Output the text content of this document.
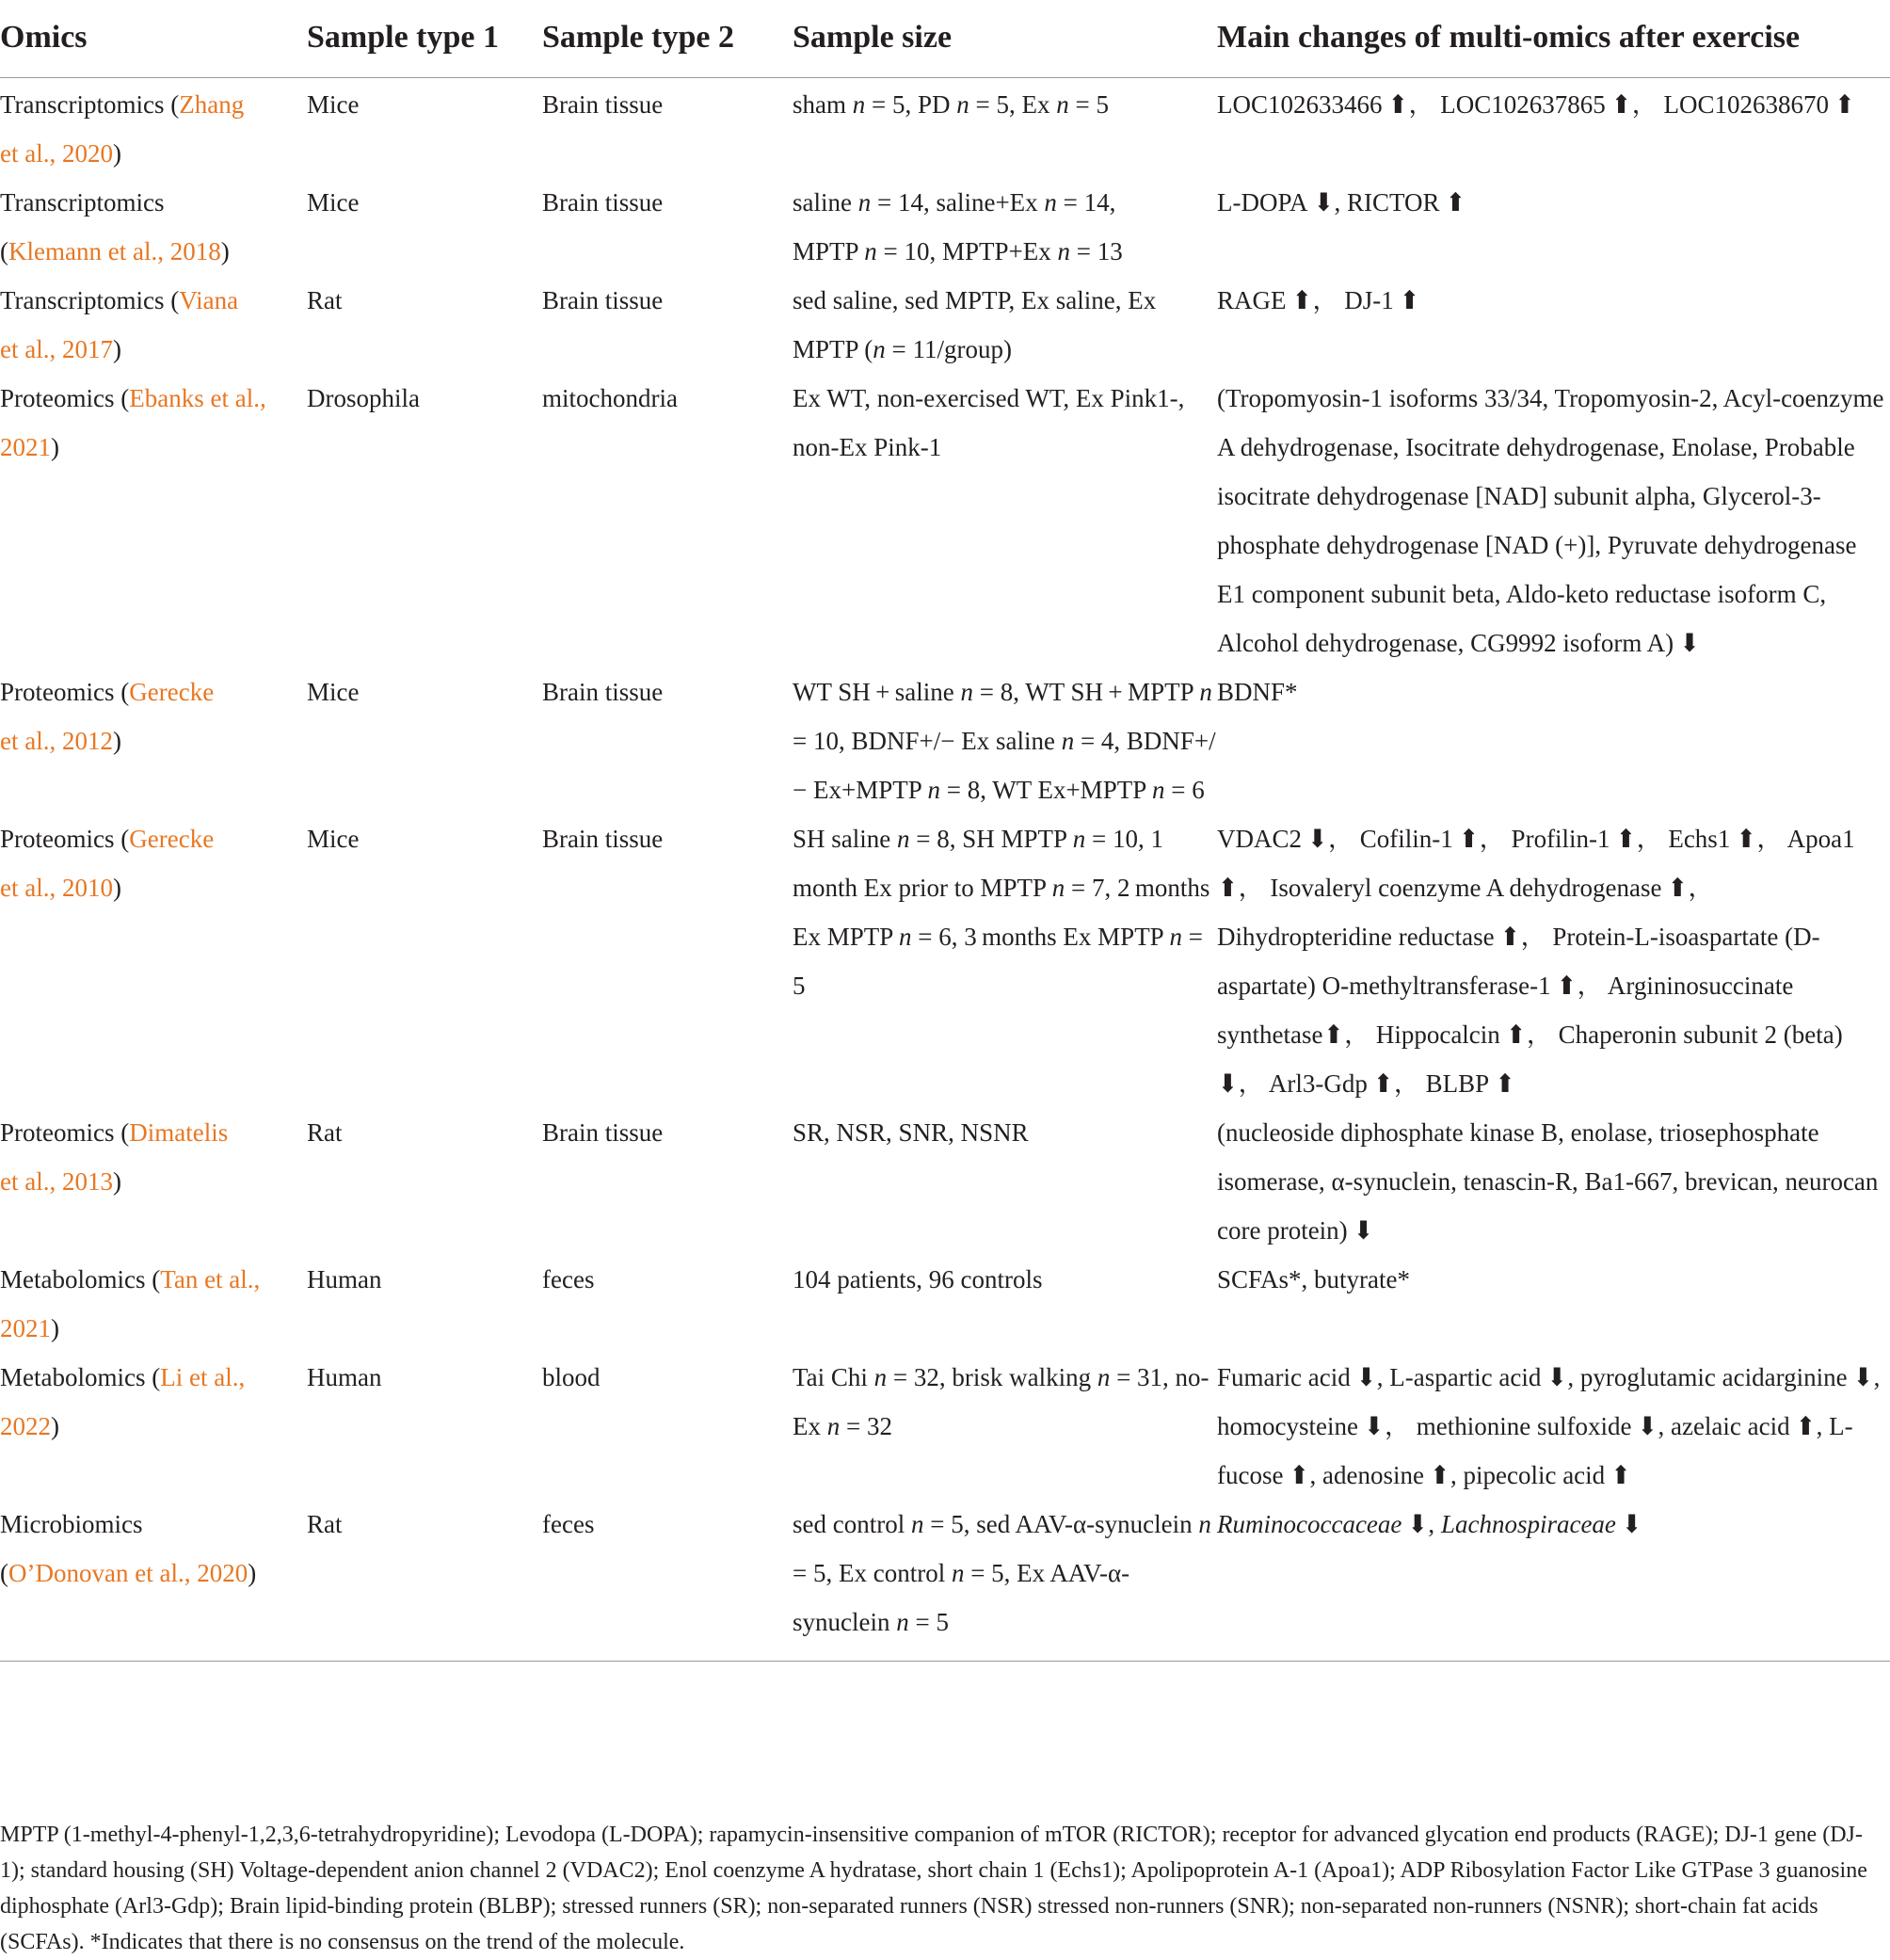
Omics	Sample type 1	Sample type 2	Sample size	Main changes of multi-omics after exercise
Transcriptomics (Zhang
et al., 2020)	Mice	Brain tissue	sham n = 5, PD n = 5, Ex n = 5	LOC102633466 ⬆， LOC102637865 ⬆， LOC102638670 ⬆
Transcriptomics
(Klemann et al., 2018)	Mice	Brain tissue	saline n = 14, saline+Ex n = 14,
MPTP n = 10, MPTP+Ex n = 13	L-DOPA ⬇, RICTOR ⬆
Transcriptomics (Viana
et al., 2017)	Rat	Brain tissue	sed saline, sed MPTP, Ex saline, Ex MPTP (n = 11/group)	RAGE ⬆， DJ-1 ⬆
Proteomics (Ebanks et al.,
2021)	Drosophila	mitochondria	Ex WT, non-exercised WT, Ex Pink1-, non-Ex Pink-1	(Tropomyosin-1 isoforms 33/34, Tropomyosin-2, Acyl-coenzyme A dehydrogenase, Isocitrate dehydrogenase, Enolase, Probable isocitrate dehydrogenase [NAD] subunit alpha, Glycerol-3-phosphate dehydrogenase [NAD (+)], Pyruvate dehydrogenase E1 component subunit beta, Aldo-keto reductase isoform C, Alcohol dehydrogenase, CG9992 isoform A) ⬇
Proteomics (Gerecke
et al., 2012)	Mice	Brain tissue	WT SH + saline n = 8, WT SH + MPTP n = 10, BDNF+/− Ex saline n = 4, BDNF+/− Ex+MPTP n = 8, WT Ex+MPTP n = 6	BDNF*
Proteomics (Gerecke
et al., 2010)	Mice	Brain tissue	SH saline n = 8, SH MPTP n = 10, 1 month Ex prior to MPTP n = 7, 2 months Ex MPTP n = 6, 3 months Ex MPTP n = 5	VDAC2 ⬇， Cofilin-1 ⬆， Profilin-1 ⬆， Echs1 ⬆， Apoa1 ⬆， Isovaleryl coenzyme A dehydrogenase ⬆， Dihydropteridine reductase ⬆， Protein-L-isoaspartate (D-aspartate) O-methyltransferase-1 ⬆， Argininosuccinate synthetase⬆， Hippocalcin ⬆， Chaperonin subunit 2 (beta) ⬇， Arl3-Gdp ⬆， BLBP ⬆
Proteomics (Dimatelis
et al., 2013)	Rat	Brain tissue	SR, NSR, SNR, NSNR	(nucleoside diphosphate kinase B, enolase, triosephosphate isomerase, α-synuclein, tenascin-R, Ba1-667, brevican, neurocan core protein) ⬇
Metabolomics (Tan et al.,
2021)	Human	feces	104 patients, 96 controls	SCFAs*, butyrate*
Metabolomics (Li et al.,
2022)	Human	blood	Tai Chi n = 32, brisk walking n = 31, no-Ex n = 32	Fumaric acid ⬇, L-aspartic acid ⬇, pyroglutamic acidarginine ⬇, homocysteine ⬇， methionine sulfoxide ⬇, azelaic acid ⬆, L-fucose ⬆, adenosine ⬆, pipecolic acid ⬆
Microbiomics
(O’Donovan et al., 2020)	Rat	feces	sed control n = 5, sed AAV-α-synuclein n = 5, Ex control n = 5, Ex AAV-α-synuclein n = 5	Ruminococcaceae ⬇, Lachnospiraceae ⬇

MPTP (1-methyl-4-phenyl-1,2,3,6-tetrahydropyridine); Levodopa (L-DOPA); rapamycin-insensitive companion of mTOR (RICTOR); receptor for advanced glycation end products (RAGE); DJ-1 gene (DJ-1); standard housing (SH) Voltage-dependent anion channel 2 (VDAC2); Enol coenzyme A hydratase, short chain 1 (Echs1); Apolipoprotein A-1 (Apoa1); ADP Ribosylation Factor Like GTPase 3 guanosine diphosphate (Arl3-Gdp); Brain lipid-binding protein (BLBP); stressed runners (SR); non-separated runners (NSR) stressed non-runners (SNR); non-separated non-runners (NSNR); short-chain fat acids (SCFAs). *Indicates that there is no consensus on the trend of the molecule.
